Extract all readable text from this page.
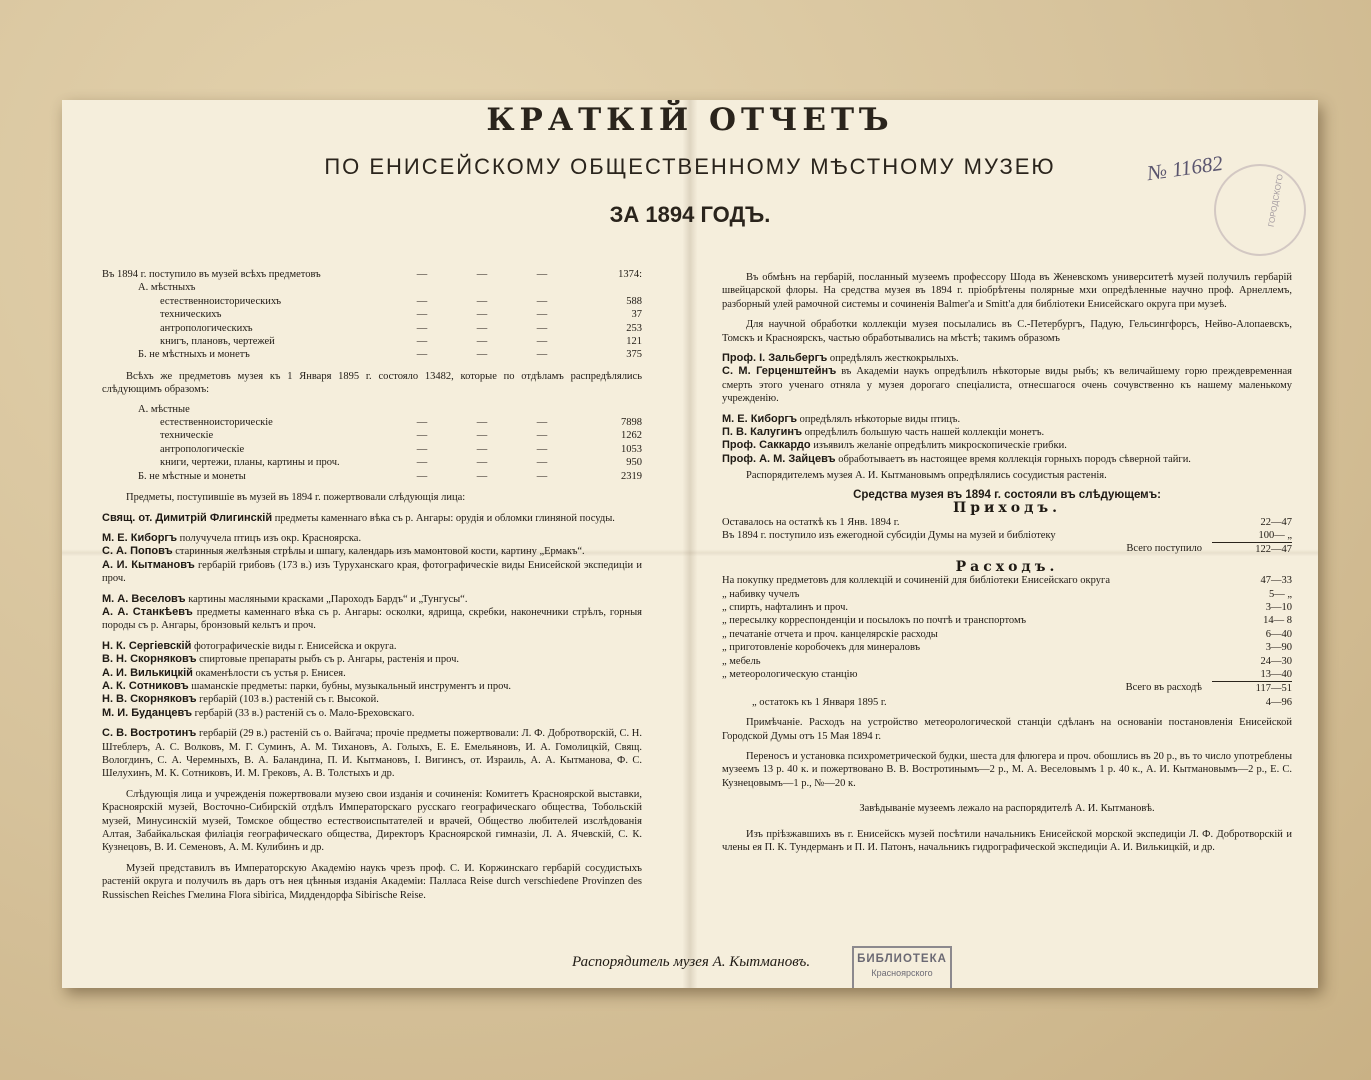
КРАТКІЙ ОТЧЕТЪ
ПО ЕНИСЕЙСКОМУ ОБЩЕСТВЕННОМУ МѢСТНОМУ МУЗЕЮ
ЗА 1894 ГОДЪ.
№ 11682
ГОРОДСКОГО
Въ 1894 г. поступило въ музей всѣхъ предметовъ	—	—	—	1374:
А. мѣстныхъ
естественноисторическихъ	—	—	—	588
техническихъ	—	—	—	37
антропологическихъ	—	—	—	253
книгъ, плановъ, чертежей	—	—	—	121
Б. не мѣстныхъ и монетъ	—	—	—	375
Всѣхъ же предметовъ музея къ 1 Января 1895 г. состояло 13482, которые по отдѣламъ распредѣлялись слѣдующимъ образомъ:
А. мѣстные
естественноисторическіе	—	—	—	7898
техническіе	—	—	—	1262
антропологическіе	—	—	—	1053
книги, чертежи, планы, картины и проч.	—	—	—	950
Б. не мѣстные и монеты	—	—	—	2319
Предметы, поступившіе въ музей въ 1894 г. пожертвовали слѣдующія лица:
Свящ. от. Димитрій Флигинскій предметы каменнаго вѣка съ р. Ангары: орудія и обломки глиняной посуды.
М. Е. Киборгъ получучела птицъ изъ окр. Красноярска.
С. А. Поповъ старинныя желѣзныя стрѣлы и шпагу, календарь изъ мамонтовой кости, картину „Ермакъ“.
А. И. Кытмановъ гербарій грибовъ (173 в.) изъ Туруханскаго края, фотографическіе виды Енисейской экспедиціи и проч.
М. А. Веселовъ картины масляными красками „Пароходъ Бардъ“ и „Тунгусы“.
А. А. Станкѣевъ предметы каменнаго вѣка съ р. Ангары: осколки, ядрища, скребки, наконечники стрѣлъ, горныя породы съ р. Ангары, бронзовый кельтъ и проч.
Н. К. Сергіевскій фотографическіе виды г. Енисейска и округа.
В. Н. Скорняковъ спиртовые препараты рыбъ съ р. Ангары, растенія и проч.
А. И. Вилькицкій окаменѣлости съ устья р. Енисея.
А. К. Сотниковъ шаманскіе предметы: парки, бубны, музыкальный инструментъ и проч.
Н. В. Скорняковъ гербарій (103 в.) растеній съ г. Высокой.
М. И. Буданцевъ гербарій (33 в.) растеній съ о. Мало-Бреховскаго.
С. В. Востротинъ гербарій (29 в.) растеній съ о. Вайгача; прочіе предметы пожертвовали: Л. Ф. Добротворскій, С. Н. Штеблеръ, А. С. Волковъ, М. Г. Суминъ, А. М. Тихановъ, А. Голыхъ, Е. Е. Емельяновъ, И. А. Гомолицкій, Свящ. Вологдинъ, С. А. Черемныхъ, В. А. Баландина, П. И. Кытмановъ, І. Вигинсъ, от. Израиль, А. А. Кытманова, Ф. С. Шелухинъ, М. К. Сотниковъ, И. М. Грековъ, А. В. Толстыхъ и др.
Слѣдующія лица и учрежденія пожертвовали музею свои изданія и сочиненія: Комитетъ Красноярской выставки, Красноярскій музей, Восточно-Сибирскій отдѣлъ Императорскаго русскаго географическаго общества, Тобольскій музей, Минусинскій музей, Томское общество естествоиспытателей и врачей, Общество любителей изслѣдованія Алтая, Забайкальская филіація географическаго общества, Директоръ Красноярской гимназіи, Л. А. Ячевскій, С. К. Кузнецовъ, В. И. Семеновъ, А. М. Кулибинъ и др.
Музей представилъ въ Императорскую Академію наукъ чрезъ проф. С. И. Коржинскаго гербарій сосудистыхъ растеній округа и получилъ въ даръ отъ нея цѣнныя изданія Академіи: Палласа Reise durch verschiedene Provinzen des Russischen Reiches Гмелина Flora sibirica, Миддендорфа Sibirische Reise.
Въ обмѣнъ на гербарій, посланный музеемъ профессору Шода въ Женевскомъ университетѣ музей получилъ гербарій швейцарской флоры. На средства музея въ 1894 г. пріобрѣтены полярные мхи опредѣленные научно проф. Арнеллемъ, разборный улей рамочной системы и сочиненія Balmer'а и Smitt'а для библіотеки Енисейскаго округа при музеѣ.
Для научной обработки коллекціи музея посылались въ С.-Петербургъ, Падую, Гельсингфорсъ, Нейво-Алопаевскъ, Томскъ и Красноярскъ, частью обработывались на мѣстѣ; такимъ образомъ
Проф. І. Зальбергъ опредѣлялъ жесткокрылыхъ.
С. М. Герценштейнъ въ Академіи наукъ опредѣлилъ нѣкоторые виды рыбъ; къ величайшему горю преждевременная смерть этого ученаго отняла у музея дорогаго спеціалиста, отнесшагося очень сочувственно къ нашему маленькому учрежденію.
М. Е. Киборгъ опредѣлялъ нѣкоторые виды птицъ.
П. В. Калугинъ опредѣлилъ большую часть нашей коллекціи монетъ.
Проф. Саккардо изъявилъ желаніе опредѣлить микроскопическіе грибки.
Проф. А. М. Зайцевъ обработываетъ въ настоящее время коллекція горныхъ породъ сѣверной тайги.
Распорядителемъ музея А. И. Кытмановымъ опредѣлялись сосудистыя растенія.
Средства музея въ 1894 г. состояли въ слѣдующемъ:
Приходъ.
Оставалось на остаткѣ къ 1 Янв. 1894 г.	22—47
Въ 1894 г. поступило изъ ежегодной субсидіи Думы на музей и библіотеку	100— „
Всего поступило	122—47
Расходъ.
На покупку предметовъ для коллекцій и сочиненій для библіотеки Енисейскаго округа	47—33
„ набивку чучелъ	5— „
„ спирть, нафталинъ и проч.	3—10
„ пересылку корреспонденціи и посылокъ по почтѣ и транспортомъ	14— 8
„ печатаніе отчета и проч. канцелярскіе расходы	6—40
„ приготовленіе коробочекъ для минераловъ	3—90
„ мебель	24—30
„ метеорологическую станцію	13—40
Всего въ расходѣ	117—51
„ остатокъ къ 1 Января 1895 г.	4—96
Примѣчаніе. Расходъ на устройство метеорологической станціи сдѣланъ на основаніи постановленія Енисейской Городской Думы отъ 15 Мая 1894 г.
Переносъ и установка психрометрической будки, шеста для флюгера и проч. обошлись въ 20 р., въ то число употреблены музеемъ 13 р. 40 к. и пожертвовано В. В. Востротинымъ—2 р., М. А. Веселовымъ 1 р. 40 к., А. И. Кытмановымъ—2 р., Е. С. Кузнецовымъ—1 р., №—20 к.
Завѣдываніе музеемъ лежало на распорядителѣ А. И. Кытмановѣ.
Изъ пріѣзжавшихъ въ г. Енисейскъ музей посѣтили начальникъ Енисейской морской экспедиціи Л. Ф. Добротворскій и члены ея П. К. Тундерманъ и П. И. Патонъ, начальникъ гидрографической экспедиціи А. И. Вилькицкій, и др.
Распорядитель музея А. Кытмановъ.	БИБЛИОТЕКА
Красноярского
